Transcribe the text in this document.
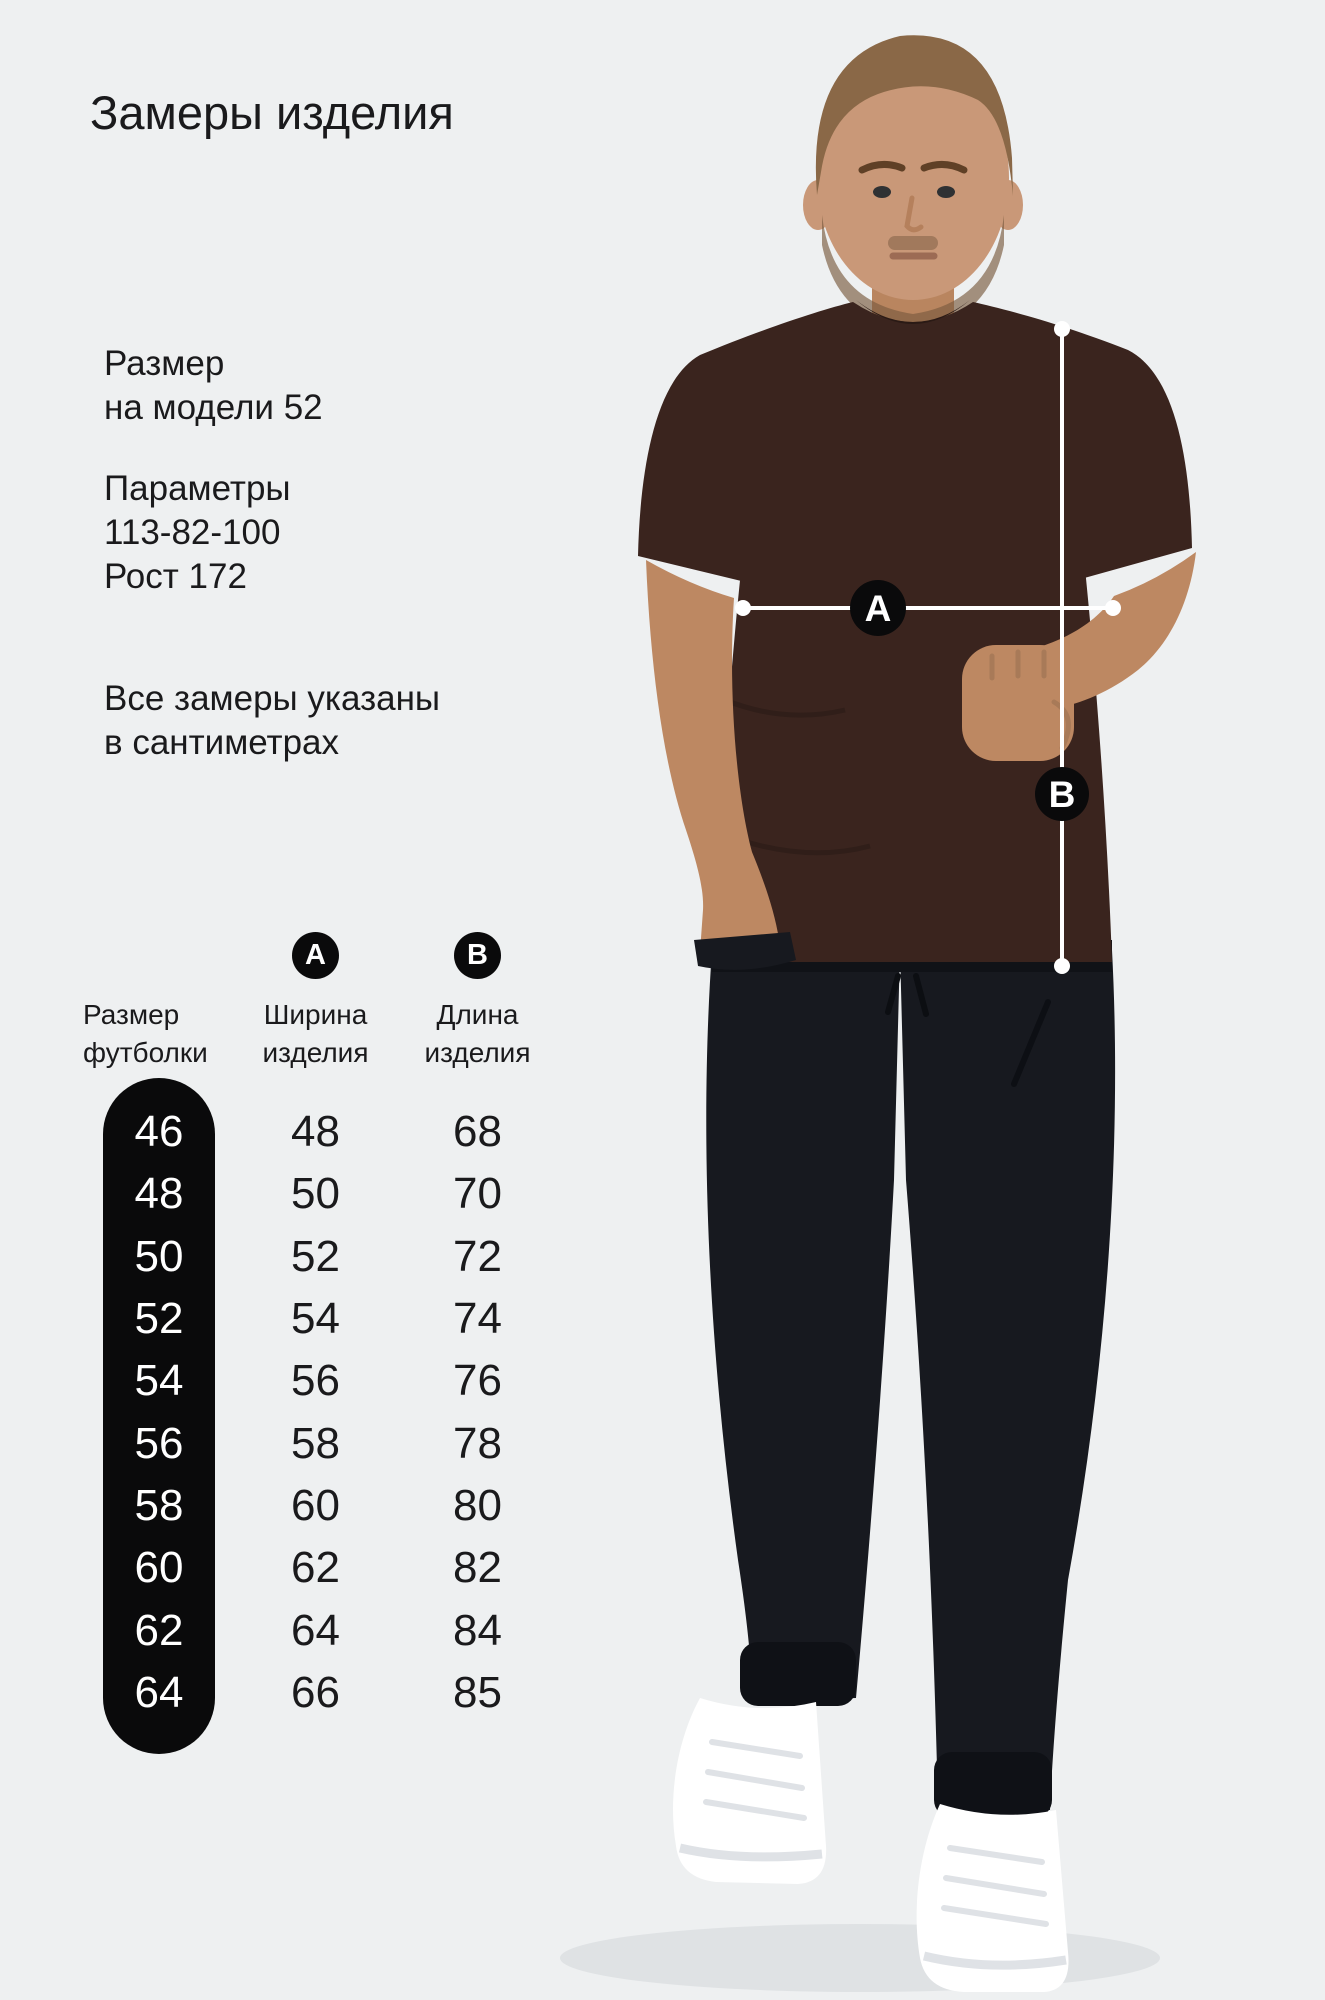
A
B
Замеры изделия
Размер
на модели 52
Параметры
113-82-100
Рост 172
Все замеры указаны
в сантиметрах
A	B
Размер
футболки
Ширина
изделия
Длина
изделия
46	48	68
48	50	70
50	52	72
52	54	74
54	56	76
56	58	78
58	60	80
60	62	82
62	64	84
64	66	85
